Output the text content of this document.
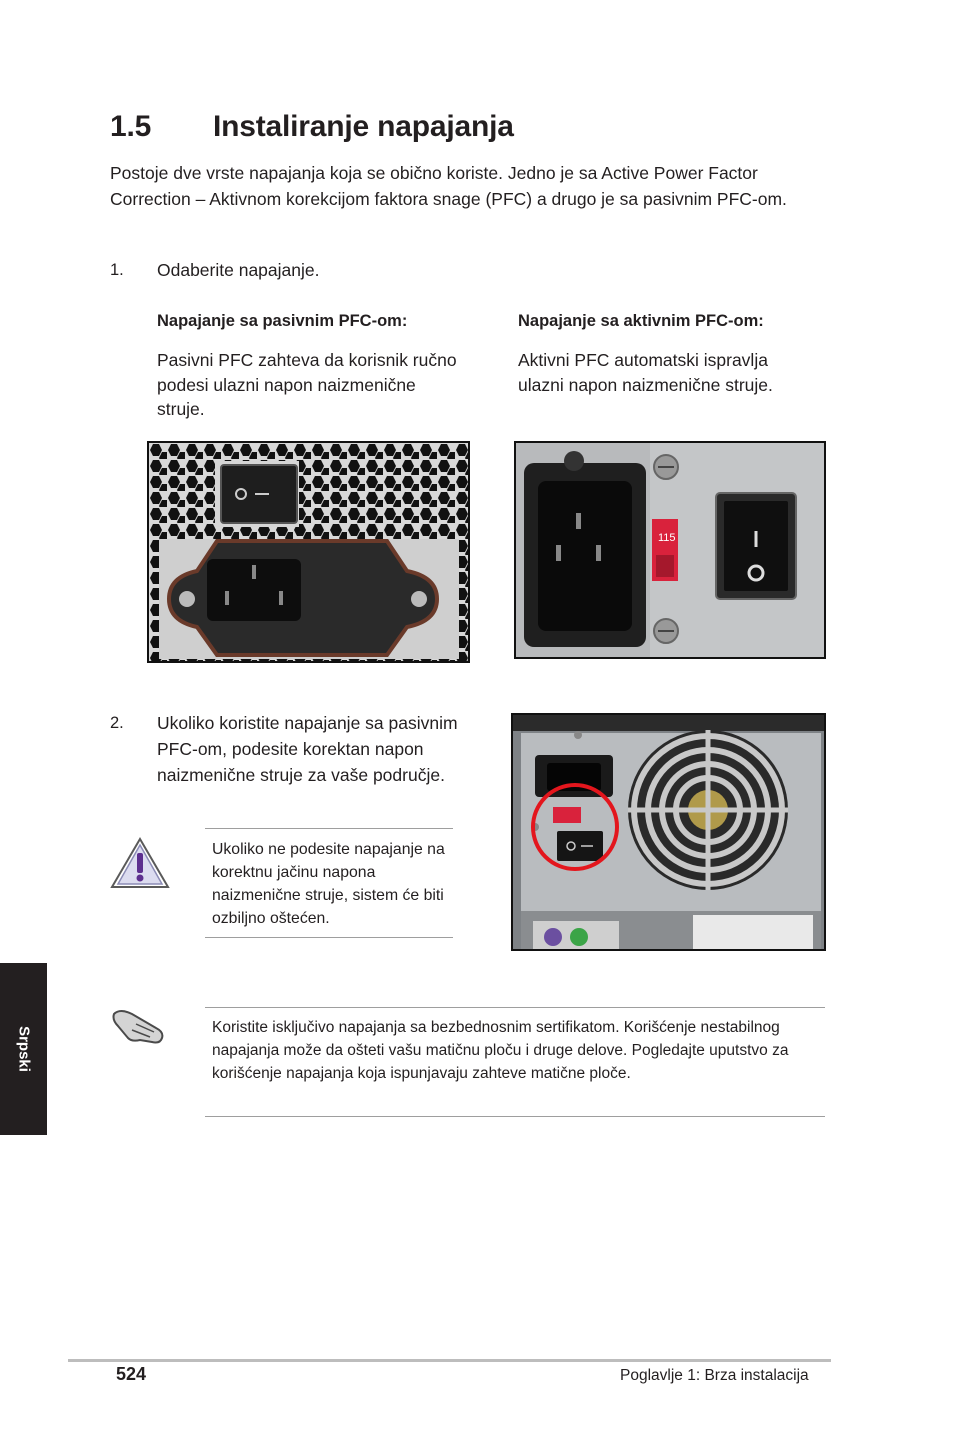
1.5 Instaliranje napajanja
Postoje dve vrste napajanja koja se obično koriste. Jedno je sa Active Power Factor Correction – Aktivnom korekcijom faktora snage (PFC) a drugo je sa pasivnim PFC-om.
1. Odaberite napajanje.
Napajanje sa pasivnim PFC-om:
Pasivni PFC zahteva da korisnik ručno podesi ulazni napon naizmenične struje.
Napajanje sa aktivnim PFC-om:
Aktivni PFC automatski ispravlja ulazni napon naizmenične struje.
115
2. Ukoliko koristite napajanje sa pasivnim PFC-om, podesite korektan napon naizmenične struje za vaše područje.
Ukoliko ne podesite napajanje na korektnu jačinu napona naizmenične struje, sistem će biti ozbiljno oštećen.
Koristite isključivo napajanja sa bezbednosnim sertifikatom. Korišćenje nestabilnog napajanja može da ošteti vašu matičnu ploču i druge delove. Pogledajte uputstvo za korišćenje napajanja koja ispunjavaju zahteve matične ploče.
Srpski
524	Poglavlje 1: Brza instalacija
